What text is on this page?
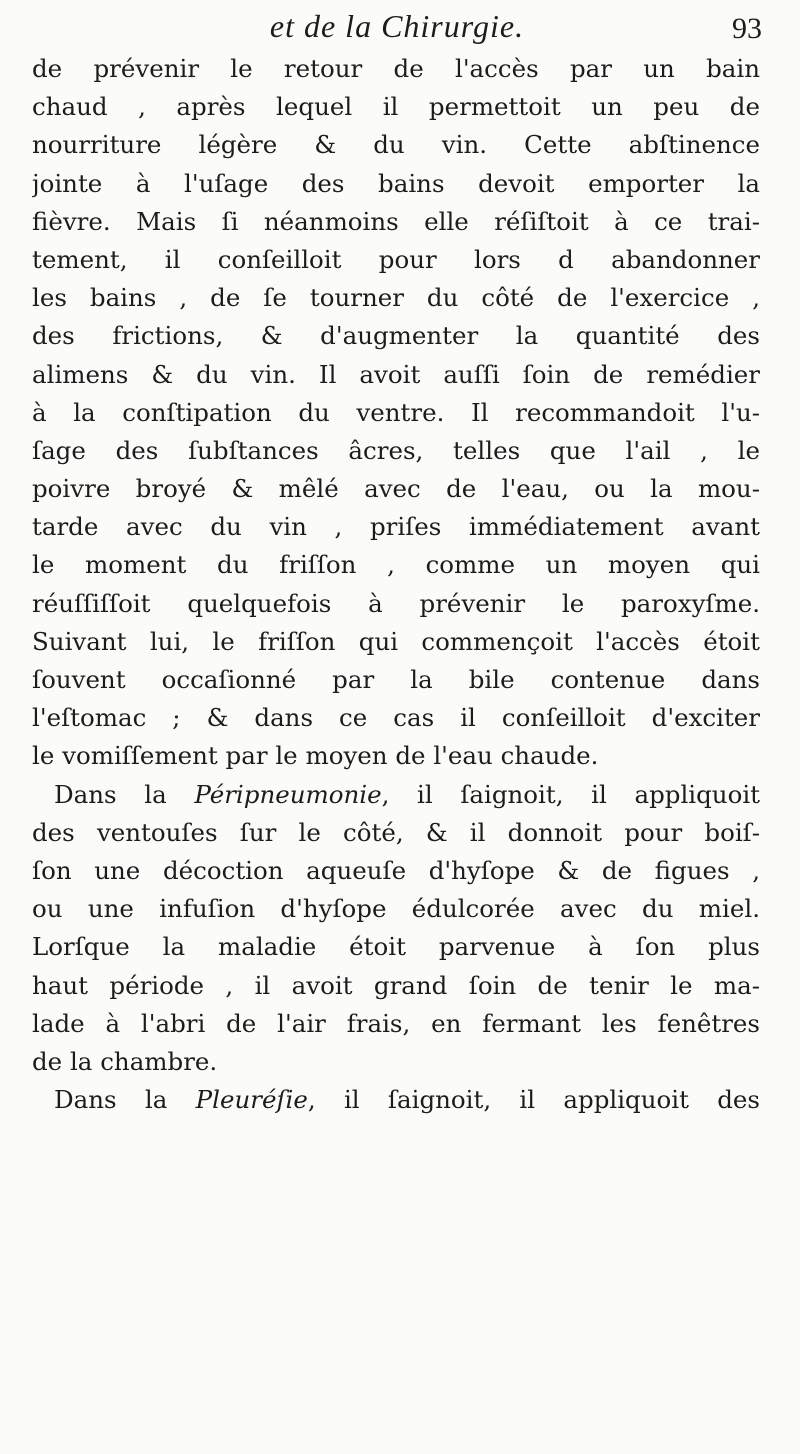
et de la Chirurgie.	93
de prévenir le retour de l'accès par un bain
chaud , après lequel il permettoit un peu de
nourriture légère & du vin. Cette abſtinence
jointe à l'uſage des bains devoit emporter la
fièvre. Mais ſi néanmoins elle réſiſtoit à ce trai-
tement, il conſeilloit pour lors d abandonner
les bains , de ſe tourner du côté de l'exercice ,
des frictions, & d'augmenter la quantité des
alimens & du vin. Il avoit auſſi ſoin de remédier
à la conſtipation du ventre. Il recommandoit l'u-
ſage des ſubſtances âcres, telles que l'ail , le
poivre broyé & mêlé avec de l'eau, ou la mou-
tarde avec du vin , priſes immédiatement avant
le moment du friſſon , comme un moyen qui
réuſſiſſoit quelquefois à prévenir le paroxyſme.
Suivant lui, le friſſon qui commençoit l'accès étoit
ſouvent occaſionné par la bile contenue dans
l'eſtomac ; & dans ce cas il conſeilloit d'exciter
le vomiſſement par le moyen de l'eau chaude.
Dans la Péripneumonie, il ſaignoit, il appliquoit
des ventouſes ſur le côté, & il donnoit pour boiſ-
ſon une décoction aqueuſe d'hyſope & de figues ,
ou une infuſion d'hyſope édulcorée avec du miel.
Lorſque la maladie étoit parvenue à ſon plus
haut période , il avoit grand ſoin de tenir le ma-
lade à l'abri de l'air frais, en fermant les fenêtres
de la chambre.
Dans la Pleuréſie, il ſaignoit, il appliquoit des
